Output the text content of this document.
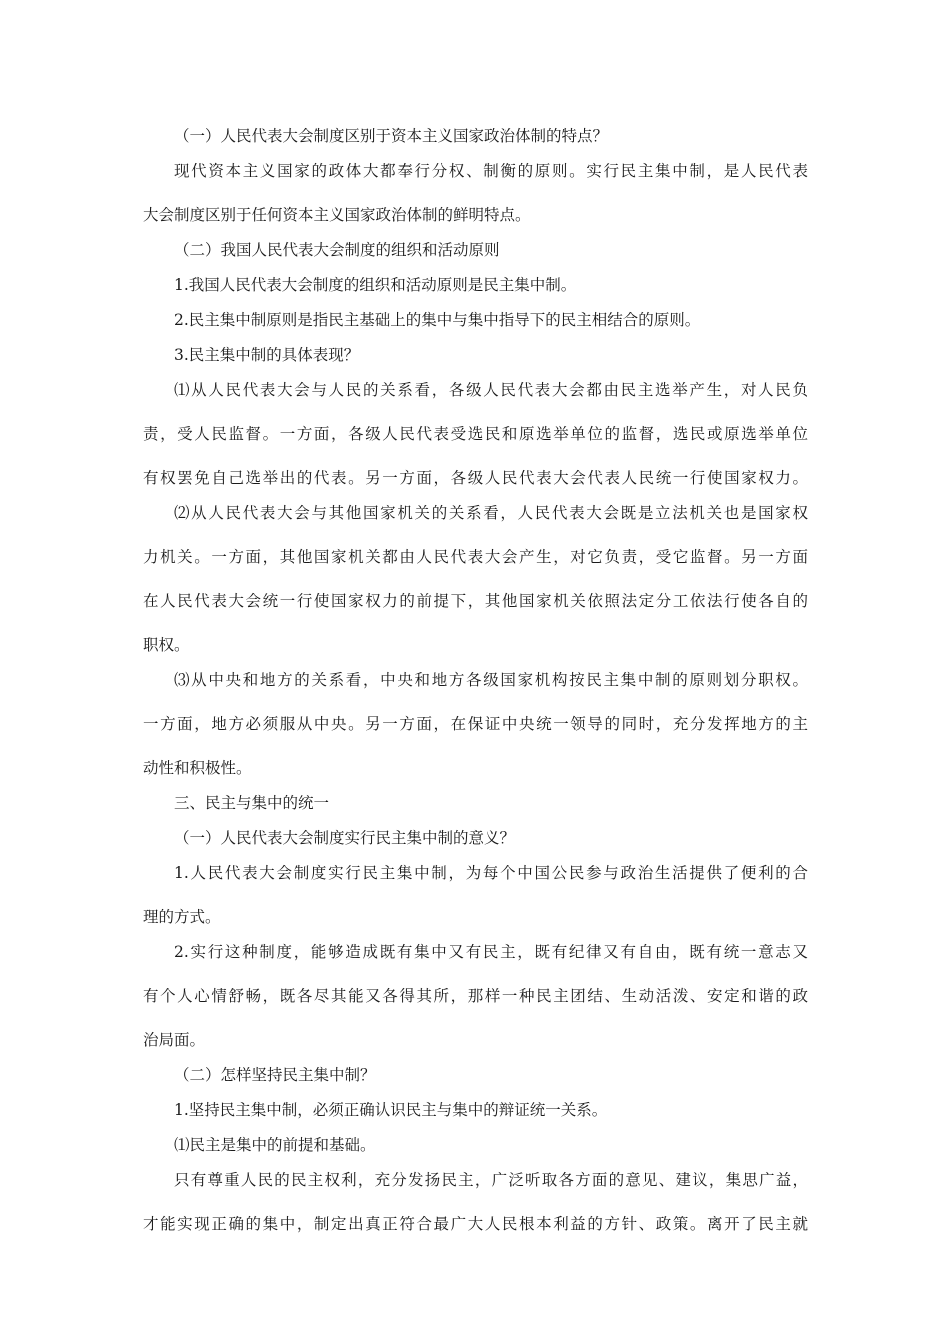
（一）人民代表大会制度区别于资本主义国家政治体制的特点？

现代资本主义国家的政体大都奉行分权、制衡的原则。实行民主集中制，是人民代表

大会制度区别于任何资本主义国家政治体制的鲜明特点。

（二）我国人民代表大会制度的组织和活动原则

1.我国人民代表大会制度的组织和活动原则是民主集中制。

2.民主集中制原则是指民主基础上的集中与集中指导下的民主相结合的原则。

3.民主集中制的具体表现？

⑴从人民代表大会与人民的关系看，各级人民代表大会都由民主选举产生，对人民负

责，受人民监督。一方面，各级人民代表受选民和原选举单位的监督，选民或原选举单位

有权罢免自己选举出的代表。另一方面，各级人民代表大会代表人民统一行使国家权力。

⑵从人民代表大会与其他国家机关的关系看，人民代表大会既是立法机关也是国家权

力机关。一方面，其他国家机关都由人民代表大会产生，对它负责，受它监督。另一方面

在人民代表大会统一行使国家权力的前提下，其他国家机关依照法定分工依法行使各自的

职权。

⑶从中央和地方的关系看，中央和地方各级国家机构按民主集中制的原则划分职权。

一方面，地方必须服从中央。另一方面，在保证中央统一领导的同时，充分发挥地方的主

动性和积极性。

三、民主与集中的统一

（一）人民代表大会制度实行民主集中制的意义？

1.人民代表大会制度实行民主集中制，为每个中国公民参与政治生活提供了便利的合

理的方式。

2.实行这种制度，能够造成既有集中又有民主，既有纪律又有自由，既有统一意志又

有个人心情舒畅，既各尽其能又各得其所，那样一种民主团结、生动活泼、安定和谐的政

治局面。

（二）怎样坚持民主集中制？

1.坚持民主集中制，必须正确认识民主与集中的辩证统一关系。

⑴民主是集中的前提和基础。

只有尊重人民的民主权利，充分发扬民主，广泛听取各方面的意见、建议，集思广益，

才能实现正确的集中，制定出真正符合最广大人民根本利益的方针、政策。离开了民主就
